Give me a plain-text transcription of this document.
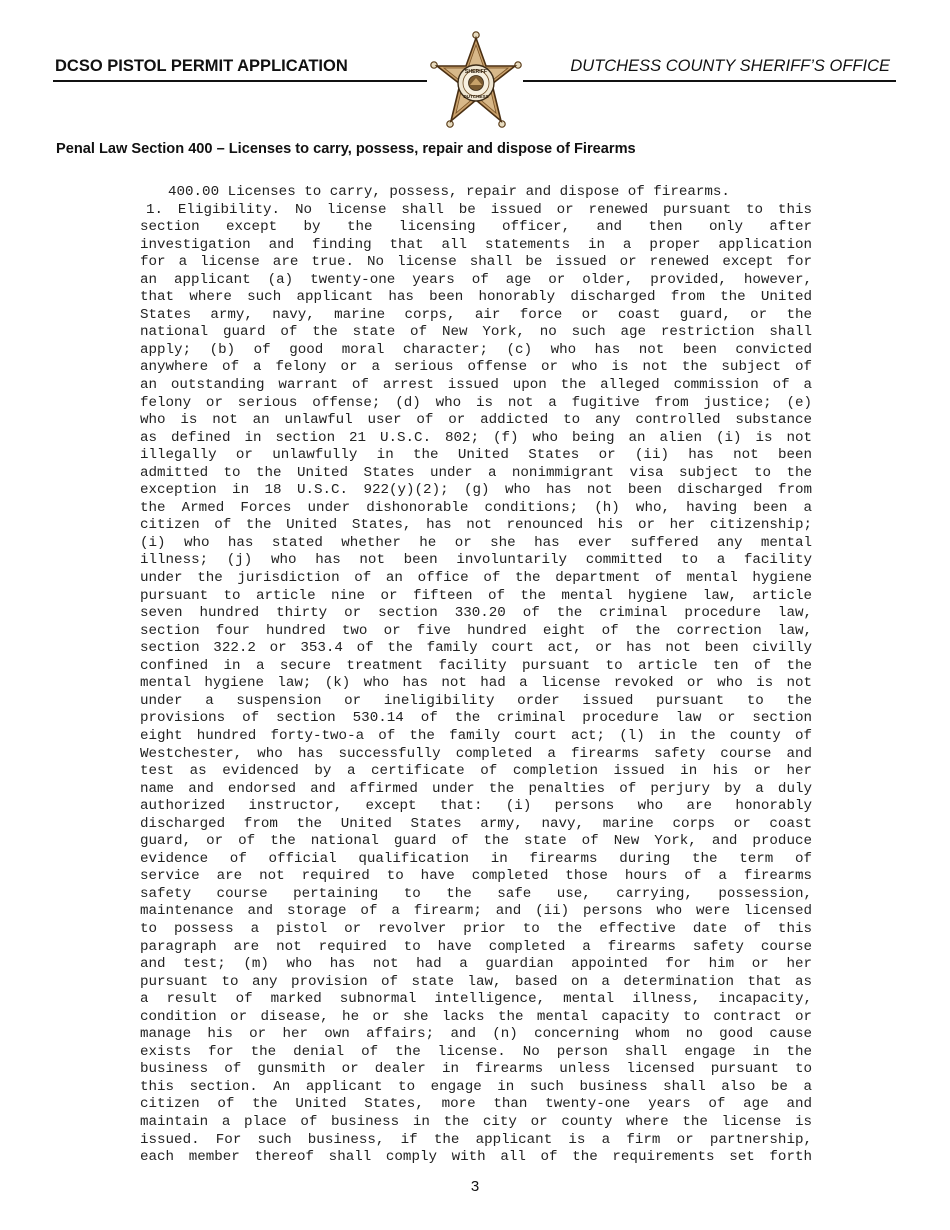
DCSO PISTOL PERMIT APPLICATION	SHERIFF
DUTCHESS
DUTCHESS COUNTY SHERIFF’S OFFICE
Penal Law Section 400 – Licenses to carry, possess, repair and dispose of Firearms
400.00 Licenses to carry, possess, repair and dispose of firearms.
1. Eligibility. No license shall be issued or renewed pursuant to this
section except by the licensing officer, and then only after
investigation and finding that all statements in a proper application
for a license are true. No license shall be issued or renewed except for
an applicant (a) twenty-one years of age or older, provided, however,
that where such applicant has been honorably discharged from the United
States army, navy, marine corps, air force or coast guard, or the
national guard of the state of New York, no such age restriction shall
apply; (b) of good moral character; (c) who has not been convicted
anywhere of a felony or a serious offense or who is not the subject of
an outstanding warrant of arrest issued upon the alleged commission of a
felony or serious offense; (d) who is not a fugitive from justice; (e)
who is not an unlawful user of or addicted to any controlled substance
as defined in section 21 U.S.C. 802; (f) who being an alien (i) is not
illegally or unlawfully in the United States or (ii) has not been
admitted to the United States under a nonimmigrant visa subject to the
exception in 18 U.S.C. 922(y)(2); (g) who has not been discharged from
the Armed Forces under dishonorable conditions; (h) who, having been a
citizen of the United States, has not renounced his or her citizenship;
(i) who has stated whether he or she has ever suffered any mental
illness; (j) who has not been involuntarily committed to a facility
under the jurisdiction of an office of the department of mental hygiene
pursuant to article nine or fifteen of the mental hygiene law, article
seven hundred thirty or section 330.20 of the criminal procedure law,
section four hundred two or five hundred eight of the correction law,
section 322.2 or 353.4 of the family court act, or has not been civilly
confined in a secure treatment facility pursuant to article ten of the
mental hygiene law; (k) who has not had a license revoked or who is not
under a suspension or ineligibility order issued pursuant to the
provisions of section 530.14 of the criminal procedure law or section
eight hundred forty-two-a of the family court act; (l) in the county of
Westchester, who has successfully completed a firearms safety course and
test as evidenced by a certificate of completion issued in his or her
name and endorsed and affirmed under the penalties of perjury by a duly
authorized instructor, except that: (i) persons who are honorably
discharged from the United States army, navy, marine corps or coast
guard, or of the national guard of the state of New York, and produce
evidence of official qualification in firearms during the term of
service are not required to have completed those hours of a firearms
safety course pertaining to the safe use, carrying, possession,
maintenance and storage of a firearm; and (ii) persons who were licensed
to possess a pistol or revolver prior to the effective date of this
paragraph are not required to have completed a firearms safety course
and test; (m) who has not had a guardian appointed for him or her
pursuant to any provision of state law, based on a determination that as
a result of marked subnormal intelligence, mental illness, incapacity,
condition or disease, he or she lacks the mental capacity to contract or
manage his or her own affairs; and (n) concerning whom no good cause
exists for the denial of the license. No person shall engage in the
business of gunsmith or dealer in firearms unless licensed pursuant to
this section. An applicant to engage in such business shall also be a
citizen of the United States, more than twenty-one years of age and
maintain a place of business in the city or county where the license is
issued. For such business, if the applicant is a firm or partnership,
each member thereof shall comply with all of the requirements set forth
3
